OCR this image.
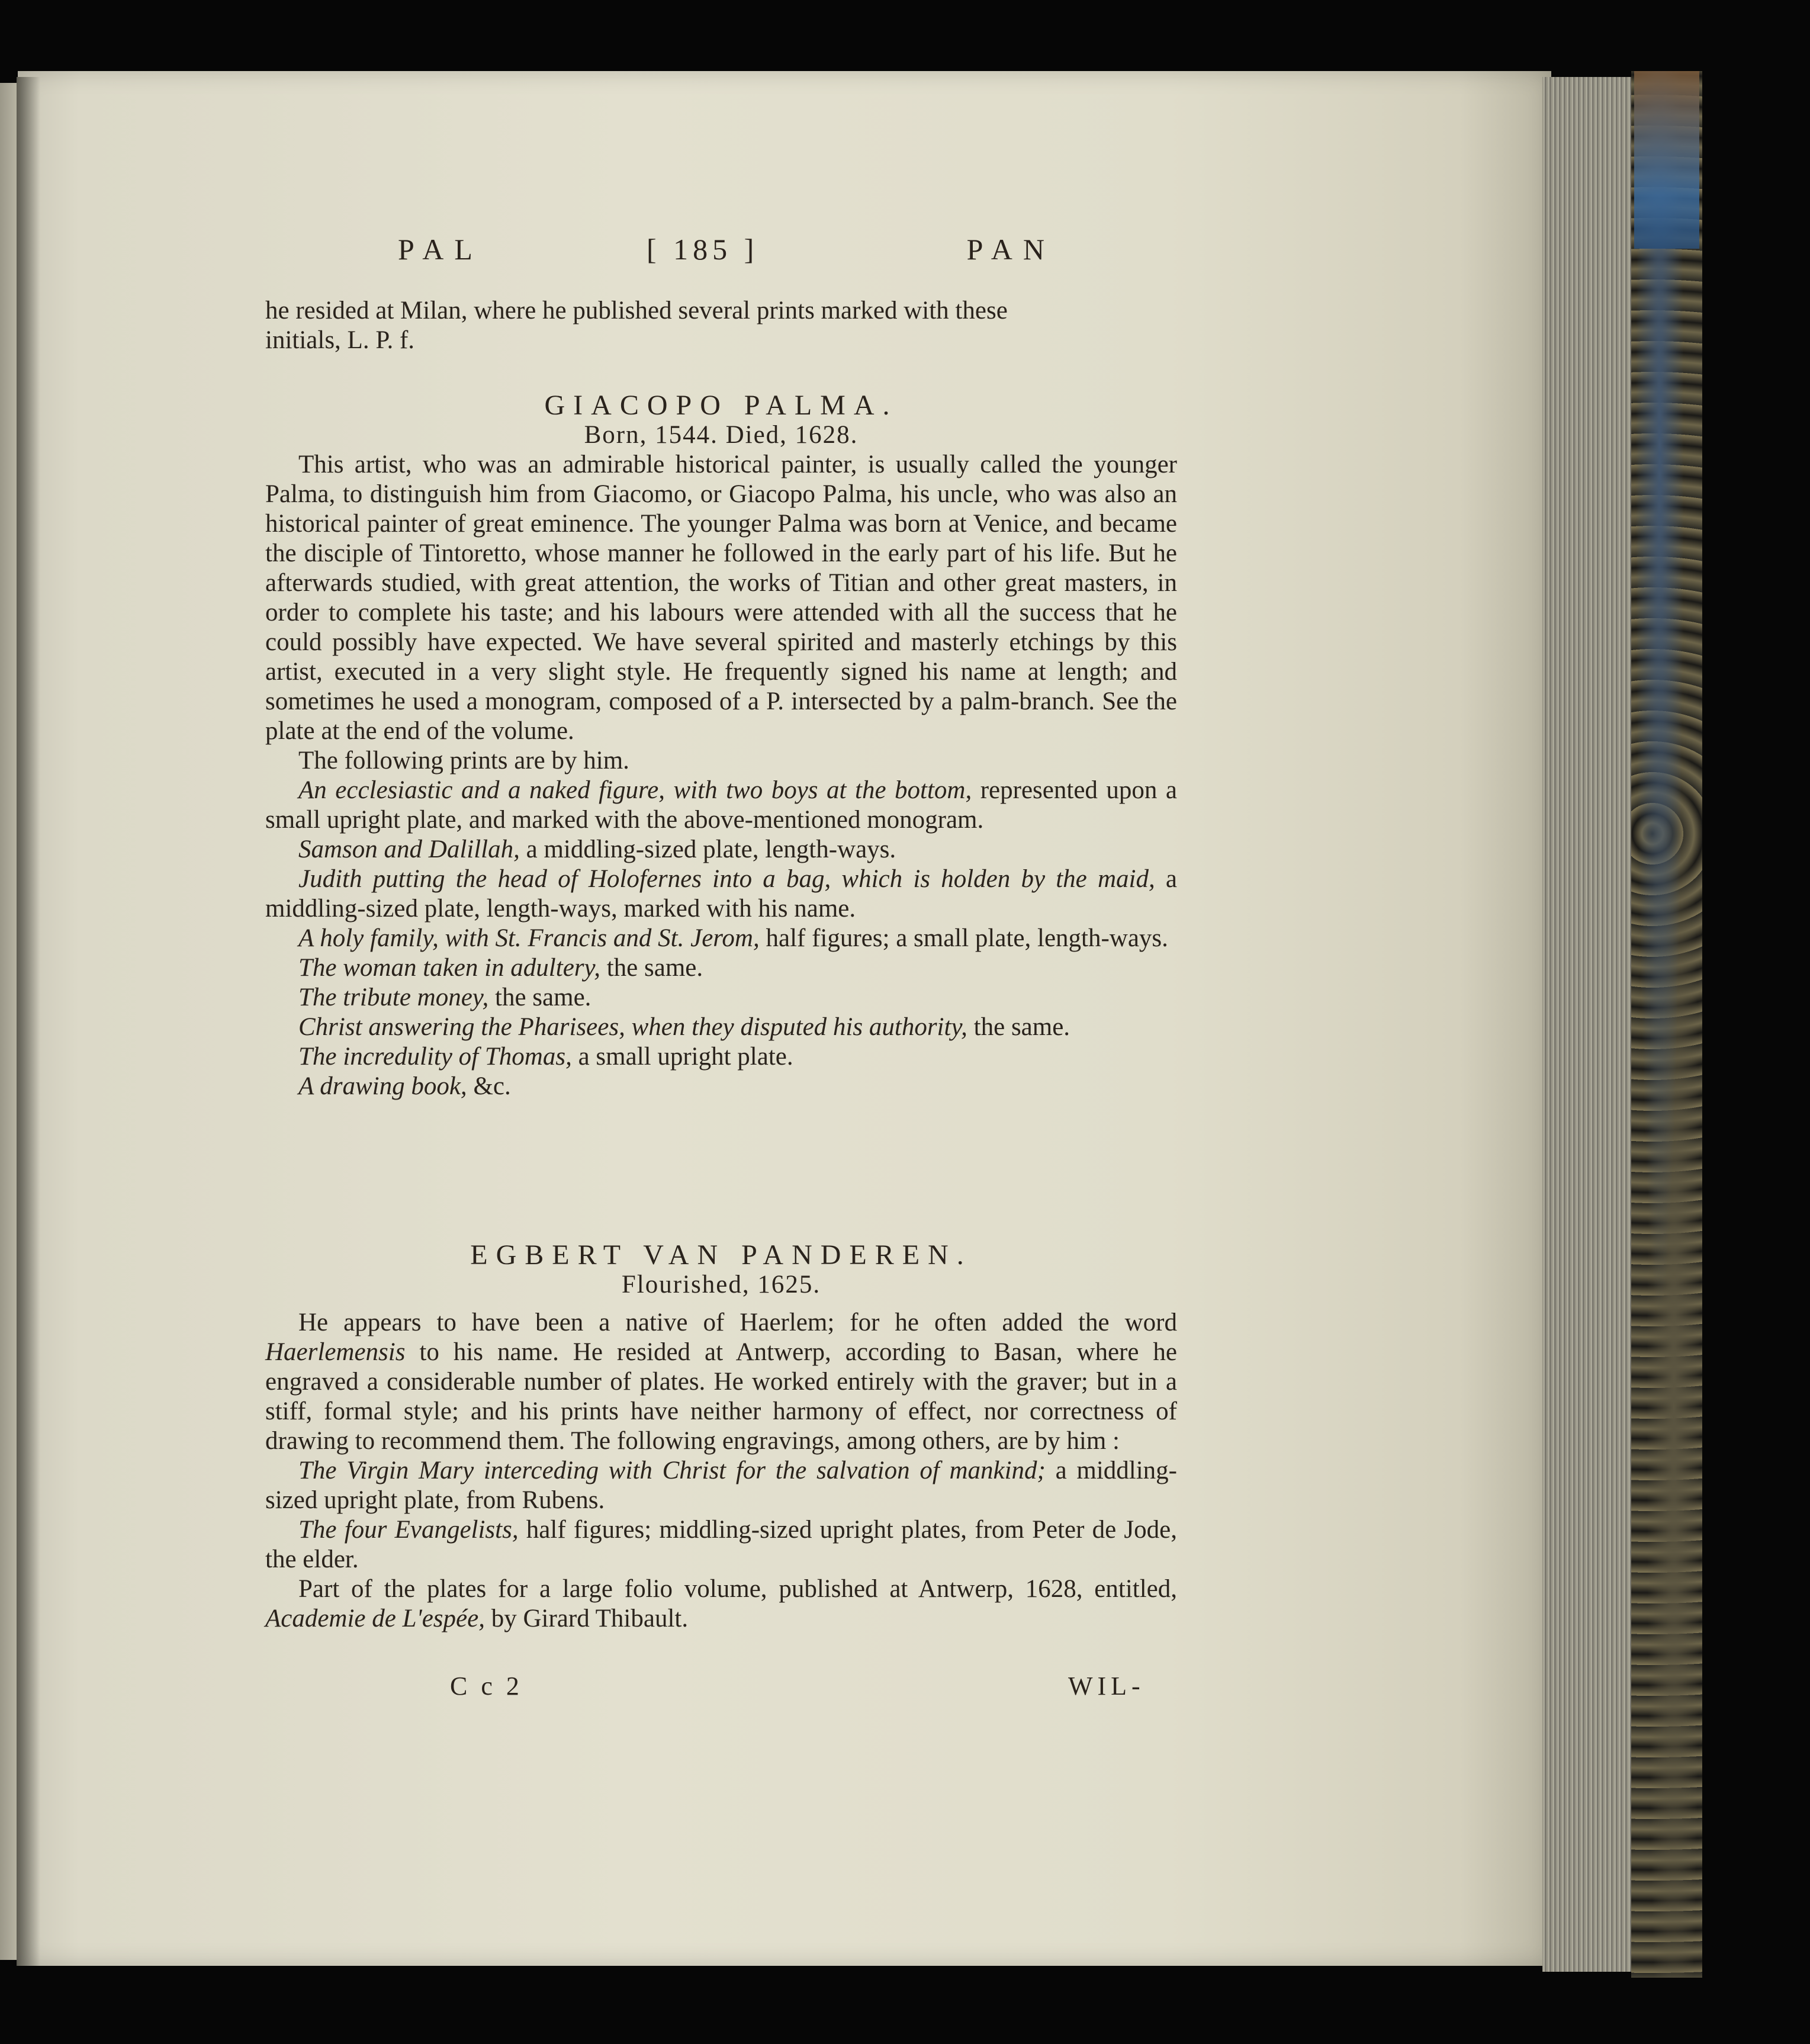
PAL	[ 185 ]	PAN

he resided at Milan, where he published several prints marked with these

initials, L. P. f.

GIACOPO PALMA.

Born, 1544. Died, 1628.

This artist, who was an admirable historical painter, is usually called the younger Palma, to distinguish him from Giacomo, or Giacopo Palma, his uncle, who was also an historical painter of great eminence. The younger Palma was born at Venice, and became the disciple of Tintoretto, whose manner he followed in the early part of his life. But he afterwards studied, with great attention, the works of Titian and other great masters, in order to complete his taste; and his labours were attended with all the success that he could possibly have expected. We have several spirited and masterly etchings by this artist, executed in a very slight style. He frequently signed his name at length; and sometimes he used a monogram, composed of a P. intersected by a palm-branch. See the plate at the end of the volume.

The following prints are by him.

An ecclesiastic and a naked figure, with two boys at the bottom, represented upon a small upright plate, and marked with the above-mentioned monogram.

Samson and Dalillah, a middling-sized plate, length-ways.

Judith putting the head of Holofernes into a bag, which is holden by the maid, a middling-sized plate, length-ways, marked with his name.

A holy family, with St. Francis and St. Jerom, half figures; a small plate, length-ways.

The woman taken in adultery, the same.

The tribute money, the same.

Christ answering the Pharisees, when they disputed his authority, the same.

The incredulity of Thomas, a small upright plate.

A drawing book, &c.

EGBERT VAN PANDEREN.

Flourished, 1625.

He appears to have been a native of Haerlem; for he often added the word Haerlemensis to his name. He resided at Antwerp, according to Basan, where he engraved a considerable number of plates. He worked entirely with the graver; but in a stiff, formal style; and his prints have neither harmony of effect, nor correctness of drawing to recommend them. The following engravings, among others, are by him :

The Virgin Mary interceding with Christ for the salvation of mankind; a middling-sized upright plate, from Rubens.

The four Evangelists, half figures; middling-sized upright plates, from Peter de Jode, the elder.

Part of the plates for a large folio volume, published at Antwerp, 1628, entitled, Academie de L'espée, by Girard Thibault.

C c 2	WIL-
